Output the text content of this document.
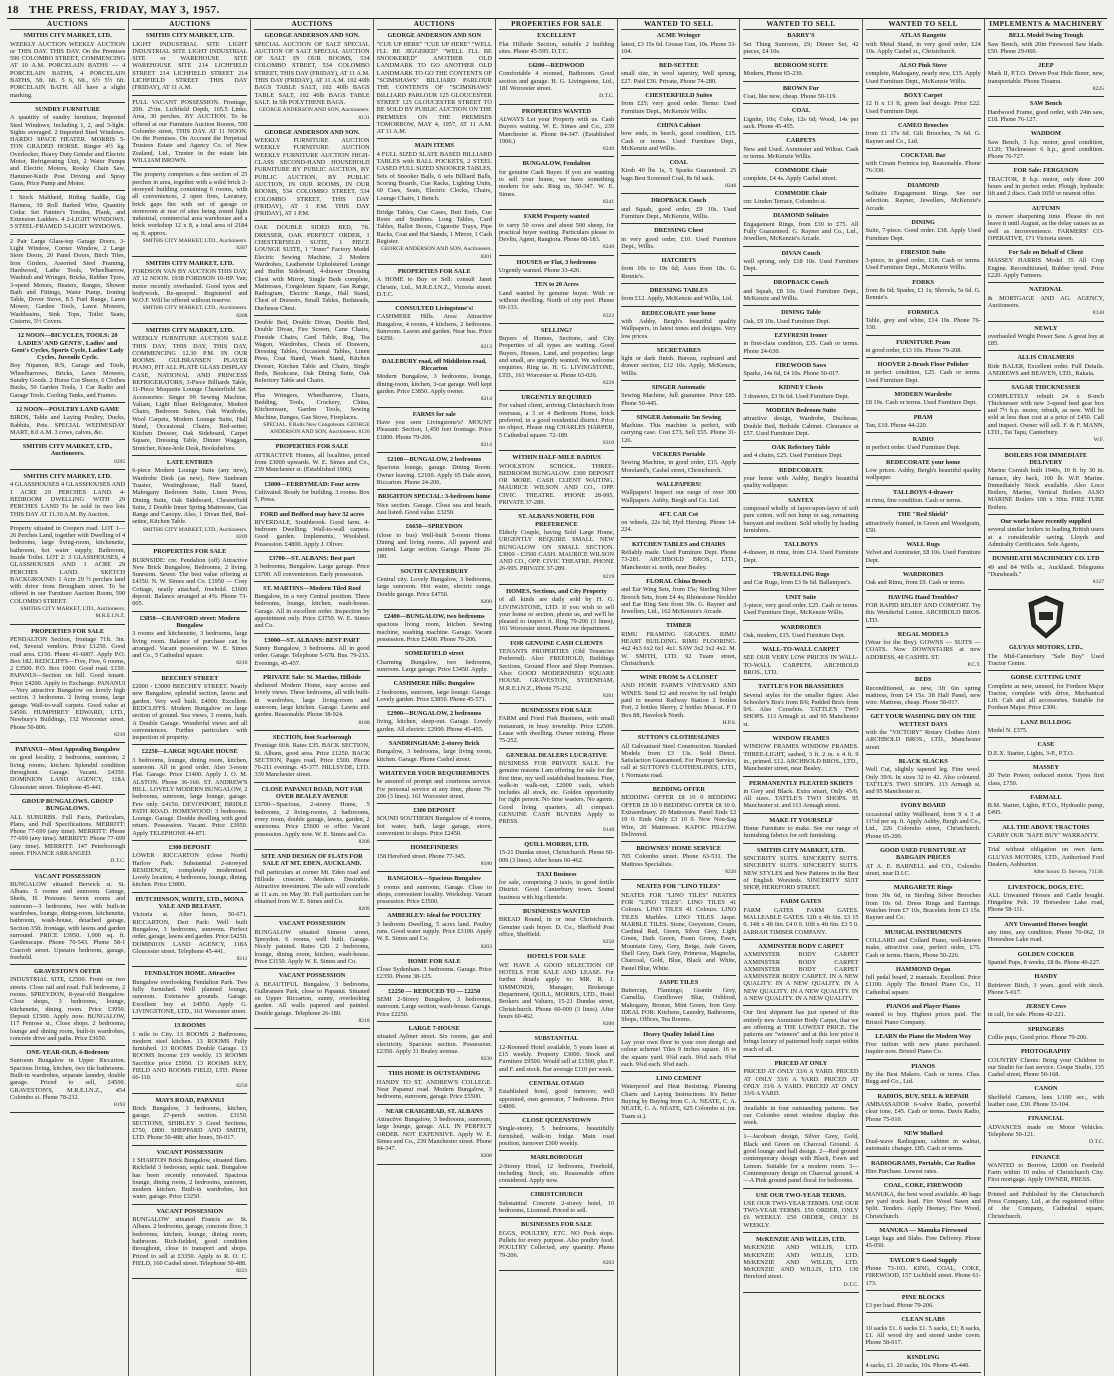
18 THE PRESS, FRIDAY, MAY 3, 1957.
AUCTIONS
SMITHS CITY MARKET, LTD.
WEEKLY AUCTION WEEKLY AUCTION or THIS DAY. THIS DAY. On the Premises 590 COLOMBO STREET, COMMENCING AT 10 A.M. PORCELAIN BATHS — 4 PORCELAIN BATHS, 4 PORCELAIN BATHS, 5ft. 6ft. 5 6, 6ft., 6½ 5½ 6ft. PORCELAIN BATH. All have a slight marking.
SUNDRY FURNITURE
A quantity of sundry furniture, Imported Steel Windows; Including 1, 2, and 3-light. Sights averaged. 2 Imported Steel Windows. HARDO SPACE HEATER. MORRIS 5-TON GRADED HORSE. Ringer 4½ kg. Overlocker, Heavy Duty Grinder and Electric Motor, Refrigerating Unit, 2 Water Pumps and Electric Motors, Rooky Chain Saw, Hammer-Knife Post Driving and Spray Guns, Price Pump and Motor.
1 Stock Maltheid, Riding Saddle, Gig Harness, 30 Roll Barbed Wire, Quantity Cedar. Set Painter's Trestles, Plank, and Extension Ladders. 4 2-LIGHT WINDOWS. 5 STEEL-FRAMED 3-LIGHT WINDOWS.
2 Pair Large Glass-top Garage Doors, 3-Light Window, Corner Window, 2 Large Store Doors, 20 Panel Doors, Birch Tiles, Iron Girders, Assorted Steel Framing, Hardwood, Lathe Tools, Wheelbarrow, Washtub and Wringer, Bricks, Rubber Tyres, 3-speed Motors, Heaters, Ranges, Shower Bath and Fittings, Water Pump, Ironing Table, Dover Stove, 8.5 Fuel Range, Lawn Mower, Garden Tools, Lawn Mowers, Washbasins, Sink Tops, Toilet Seats, Cisterns, 5½ Covers.
12 NOON—BICYCLES, TOOLS: 20 LADIES' AND GENTS', Ladies' and Gent's Cycles, Sports Cycle, Ladies' Lady Cycles, Juvenile Cycle.
Boy Nipanun, R/S, Garage and Tools, Wheelbarrows, Bricks, Lawn Mowers, Sundry Goods. 2 Horse Cot Sheets, 6 Clothes Bucks, 50 Garden Tools, 1 Car Radio and Garage Tools. Cooling Tanks, and Frames.
12 NOON—POULTRY LAND GAME
BIRDS, Table and Laying Poultry, Ducks, Rabbits, Pets. SPECIAL WEDNESDAY MART, 8.0 A.M. 3 cows, calves, &c.
SMITHS CITY MARKET, LTD., Auctioneers.
8205
SMITHS CITY MARKET, LTD.
4 GLASSHOUSES 4 GLASSHOUSES AND 1 ACRE 29 PERCHES LAND. 4-BEDROOM DWELLING WITH 29 PERCHES LAND To be sold in two lots THIS DAY AT 11.30 A.M. By Auction.
Property situated in Coopers road. LOT 1—26 Perches Land, together with Dwelling of 4 bedrooms, large living-room, kitchenette, bathroom, hot water supply, Bathroom, Inside Toilet. LOT 2: 3 GLASSHOUSES, 4 GLASSHOUSES AND 1 ACRE 29 PERCHES LAND. SKETCH BACKGROUND: 1 Acre 29 ½ perches land with drive from Brougham street. To be offered in our Furniture Auction Room, 590 COLOMBO STREET.
SMITHS CITY MARKET, LTD., Auctioneers. M.R.E.I.N.Z.
PROPERTIES FOR SALE
PENDALTON Section, frontage 71ft. 3in. rod, Several vendors. Price £1250. Good road area. £150. Phone 41-6007. Apply P.O. Box 182. REDCLIFFS—Five, Five, 6 rooms, 2 £3500. P.O. Box 1000. Good road. £150. PAPANUI—Section on hill. Good tenant. Price £4200. Apply to Exchange. PANANUI—Very attractive Bungalow on lovely high section. 3 bedrooms. 2 living rooms, large garage. Wall-to-wall carpets. Good value at £4500. HUMPHREY EDWARD, LTD., Newbury's Buildings, 132 Worcester street. Phone 50-806.
8210
PAPANUI—Most Appealing Bungalow
on good locality, 2 bedrooms, sunroom, 2 living rooms, kitchen. Splendid condition throughout. Garage. Vacant. £4350. DOMINION LAND AGENCY, 118A Gloucester street. Telephone 45-441.
GROUP BUNGALOWS. GROUP BUNGALOWS.
ALL SUBURBS. Full Facts, Particulars, Plans, and Full Specifications. MERRITT: Phone 77-699 (any time). MERRITT: Phone 77-699 (any time). MERRITT: Phone 77-699 (any time). MERRITT: 147 Peterborough street. FINANCE ARRANGED.
D.T.C.
VACANT POSSESSION
BUNGALOW situated Berwick st. St. Albans. 5 rooms and sunroom. Garage, Sheds, H. Pressure. Seven rooms and sunroom—3 bedrooms, two with built-in wardrobes, lounge, dining-room, kitchenette, bathroom, wash-house, detached garage, Section 35ft. frontage, with lawns and garden surround. PRICE £3950. 1,000 sq. ft. Gardenscape. Phone 70-543. Phone 58-1 Cracroft street. Upstairs bedroom, garage, freehold.
GRAVESTON'S OFFER
INDUSTRIAL SITE, £2500. Front on two streets. Close rail and road. Full bedrooms, 2 rooms. SPREYDON, 8-year-old Bungalow. Close shops, 3 bedrooms, lounge, kitchenette, dining room. Price £3950. Deposit £1500. Apply now. BUNGALOW, 117 Penrose st., Close shops. 2 bedrooms, lounge and dining room, built-in wardrobes, concrete drive and paths. Price £3650.
ONE-YEAR-OLD, 4-Bedroom
Sunroom Bungalow in Upper Riccarton. Spacious living, kitchen, two tile bathrooms. Built-in wardrobes, separate laundry, double garage. Priced to sell, £4500. GRAVESTON'S, M.R.E.I.N.Z., 454 Colombo st. Phone 78-232.
8193
AUCTIONS
SMITHS CITY MARKET, LTD.
LIGHT INDUSTRIAL SITE LIGHT INDUSTRIAL SITE LIGHT INDUSTRIAL SITE or WAREHOUSE SITE WAREHOUSE SITE 214 LICHFIELD STREET 214 LICHFIELD STREET 214 LICHFIELD STREET THIS DAY (FRIDAY), AT 11 A.M.
FULL VACANT POSSESSION. Frontage, 20ft. 2½in. Lichfield Depth, 165.5 Links. Area, 30 perches. BY AUCTION. To be offered at our Furniture Auction Rooms, 590 Colombo street, THIS DAY. AT 11 NOON. On the Premises. On Account the Perpetual Trustees Estate and Agency Co. of New Zealand, Ltd., Trustee in the estate late WILLIAM BROWN.
The property comprises a fine section of 25 perches in area, together with a solid brick 2-storeyed building containing 6 rooms, with all conveniences, 2 open fires, Lavatory, brick gaps fire with set of garage or storeroom at rear of sites being zoned light industrial, commercial area warehouse and a brick workshop 12 x 8, a total area of 2184 sq. ft. approx.
SMITHS CITY MARKET, LTD., Auctioneers. 8207
SMITHS CITY MARKET, LTD.
FORDSON VAN BY AUCTION THIS DAY, AT 12 NOON. 1938 FORDSON 10-HP. Van; motor recently overhauled. Good tyres and bodywork. Re-sprayed. Registered and W.O.F. Will be offered without reserve.
SMITHS CITY MARKET, LTD., Auctioneers. 8208
SMITHS CITY MARKET, LTD.
WEEKLY FURNITURE AUCTION SALE THIS DAY, THIS DAY, THIS DAY, COMMENCING 12.30 P.M. IN OUR ROOMS. GULBRANSEN PLAYER PIANO, PIT ALL PLATE GLASS DISPLAY CASE, NATIONAL AND PRINCESS REFRIGERATORS, 3-Piece Billiards Table, 11-Piece Moquette Lounge Chesterfield Set. Accessories: Singer 99 Sewing Machine, Valiant, Light Bluet Refrigerator, Modern Chairs, Bedroom Suites, Oak Wardrobe, Wool Carpets, Modern Lounge Suite, Hall Stand, Occasional Chairs, Bed-settee, Kitchen Dresser, Oak Sideboard, Carpet Square, Dressing Table, Dinner Waggon, Stretcher, Knee-hole Desk, Bookshelves.
LATE ENTRIES
6-piece Modern Lounge Suite (any new), Wardrobe Desk (as new), New Sunbeam Toaster, Westinghouse, Hall Stand, Mahogany Bedroom Suite, Linen Press, Dining Suite, Oak Sideboard, Chesterfield Suite, 2 Double Inner Spring Mattresses, Gas Range and Canopy. Also, 1 Divan Bed, Bed-settee, Kitchen Table.
SMITHS CITY MARKET, LTD., Auctioneers. 8209
PROPERTIES FOR SALE
BURNSIDE: cnr. Fendalton (off) Attractive New Brick Bungalow, Bedrooms, 2 living. Sunroom. Sewer. The best value offering at £4350. N. W. Simes and Co. £1950 — Cosy Cottage, neatly attached, freehold. £1600 deposit. Balance arranged at 4%. Phone 73-005.
£3850—CRANFORD street: Modern Bungalow
3 rooms and kitchenette, 3 bedrooms, large living room. Balance of purchase can be arranged. Vacant possession. W. E. Simes and Co., 5 Cathedral square.
8210
BEECHEY STREET
£2000 - £3000 BEECHEY STREET. Nearly new Bungalow, splendid section, lawns and garden. Very well built. £4000. Excellent. REDCLIFFS. Modern Bungalow on large section of ground. Sea views, 3 rooms, bath. A Double Garage. Wonderful views and all conveniences. Further particulars with inspection of property.
£2250—LARGE SQUARE HOUSE
3 bedrooms, lounge, dining room, kitchen, sunroom. All in good order. Also 3-room Flat. Garage. Price £1400. Apply J. O. M. ALSTON. Phone 36-160. ST. ANDREW'S HILL. LOVELY MODERN BUNGALOW, 2 bedrooms, sunroom, large lounge, garage. Few only. £4150. DEVONPORT, BRIDLE PATH ROAD. HOMEWOOD: 3 bedrooms. Lounge. Garage. Double dwelling with good return. Possession. Vacant. Price £3950. Apply TELEPHONE 44-871.
£300 DEPOSIT
LOWER RICCARTON (close North) Harlow Park. Substantial 2-storeyed RESIDENCE, completely modernised. Lovely location, 4 bedrooms, lounge, dining, kitchen. Price £3800.
HUTCHINSON, WHITE, LTD., MONA VALE AND BELFAST.
Victoria st. After hours, 50-671. RICCARTON, Deri Park: Well built Bungalow, 3 bedrooms, sunroom. Perfect order, garage, lawns and garden. Price £4250. DOMINION LAND AGENCY, 118A Gloucester street. Telephone 45-441.
8211
FENDALTON HOME. Attractive
Bungalow overlooking Fendalton Park. Two fully furnished. Well planned lounge, sunroom. Extensive grounds. Garage. Excellent buy at £4950. Apply G. LIVINGSTONE, LTD., 161 Worcester street.
13 ROOMS
1 mile to City. 13 ROOMS 2 Bathrooms, modern steel kitchen. 13 ROOMS Fully furnished. 13 ROOMS Double Garage. 13 ROOMS Income £19 weekly. 13 ROOMS Sacrifice price £5950. 13 ROOMS KEY, FIELD AND ROOMS FIELD, LTD. Phone 66-110.
8250
MAYS ROAD, PAPANUI
Brick Bungalow, 3 bedrooms, kitchen, garage, 27-perch section. £3150. SECTIONS, SHIRLEY 3 Good Sections, £750, £800. SHEPPARD AND SMITH, LTD. Phone 50-488; after hours, 56-017.
VACANT POSSESSION
1 SHARTON Brick Bungalow, situated Ilam. Rickfield 3 bedroom, septic tank. Bungalow has been recently renovated. Spacious lounge, dining room, 2 bedrooms, sunroom, modern kitchen. Built-in wardrobes, hot water, garage. Price £3250.
VACANT POSSESSION
BUNGALOW situated Francis av. St. Albans. 2 bedrooms, garage, concrete floor, 3 bedrooms, kitchen, lounge, dining room, bathroom. Rich-fielded, good condition throughout, close to transport and shops. Priced to sell at £3350. Apply to R. O. C. FIELD, 160 Cashel street. Telephone 50-488.
8221
AUCTIONS
GEORGE ANDERSON AND SON.
SPECIAL AUCTION OF SALT SPECIAL AUCTION OF SALT SPECIAL AUCTION OF SALT IN OUR ROOMS, 534 COLOMBO STREET, 534 COLOMBO STREET, THIS DAY (FRIDAY), AT 11 A.M. THIS DAY (FRIDAY), AT 11 A.M. 102 40lb BAGS TABLE SALT, 102 40lb BAGS TABLE SALT, 102 40lb BAGS TABLE SALT. In 5lb POLYTHENE BAGS.
GEORGE ANDERSON AND SON, Auctioneers. 8131
GEORGE ANDERSON AND SON.
WEEKLY FURNITURE AUCTION WEEKLY FURNITURE AUCTION WEEKLY FURNITURE AUCTION HIGH-CLASS SECOND-HAND HOUSEHOLD FURNITURE BY PUBLIC AUCTION, BY PUBLIC AUCTION, BY PUBLIC AUCTION, IN OUR ROOMS, IN OUR ROOMS, 534 COLOMBO STREET, 534 COLOMBO STREET, THIS DAY (FRIDAY), AT 1 P.M. THIS DAY (FRIDAY), AT 1 P.M.
OAK DOUBLE SIDED BED, 7ft. DRESSER, OAK PERFECT ORDER, 1 CHESTERFIELD SUITE, 1 PIECE LOUNGE SUITE, 1 "Joner" Factory Model Electric Sewing Machine, 2 Modern Wardrobes, Leatherette Upholstered Lounge and Buffet Sideboard, 4-drawer Dressing Chest with Mirror, Single Beds complete, Mattresses, Congoleum Square, Gas Range, Radiogram, Electric Range, Hall Stand, Chest of Drawers, Small Tables, Bedsteads, Duchesse Chest.
Double Bed, Double Divan, Double Bed, Double Divan, Fire Screen, Cane Chairs, Fireside Chairs, Card Table, Rug, Tea Wagon, Wardrobes, Chests of Drawers, Dressing Tables, Occasional Tables, Linen Press, Coat Stand, Wash Stand, Kitchen Dresser, Kitchen Table and Chairs, Single Beds, Bookcase, Oak Dining Suite, Oak Refectory Table and Chairs.
Plus Wringers, Wheelbarrow, Chairs, Bedding, Tools, Crockery, China, Kitchenware, Garden Tools, Sewing Machine, Ranges, Gas Stove, Fireplaces.
SPECIAL. 8 Rolls New Congoleum. GEORGE ANDERSON AND SON, Auctioneers. 8126
PROPERTIES FOR SALE
ATTRACTIVE Homes, all localities, priced from £3000 upwards. W. E. Simes and Co., 239 Manchester st. (Established 1906).
£3800—FERRYMEAD: Four acres
Cultivated. Ready for building. 3 rooms. Box 5, Press.
FORD and Bedford may have 32 acres
RIVERDALE, Southbrook. Good farm. 4-bedroom Dwelling. Wall-to-wall carpets. Good garden. Implements, Woolshed. Possession. £4800. Apply J. Oliver.
£3700—ST. ALBANS: Best part
3 bedrooms, Bungalow. Large garage. Price £3700. All conveniences. Early possession.
ST. MARTINS—Modern Tiled Roof
Bungalow, in a very Central position. Three bedrooms, lounge, kitchen, wash-house. Garage. All in excellent order. Inspection by appointment only. Price £3750. W. E. Simes and Co.
£3000—ST. ALBANS: BEST PART
Sunny Bungalow, 3 bedrooms. All in good order. Garage. Telephone 5-678. Bus. 79-215. Evenings, 45-457.
PRIVATE Sale: St. Martins, Hillside
sheltered Modern Home, easy access and lovely views. Three bedrooms, all with built-in wardrobes, large living-room and sunroom, large kitchen. Garage. Lawns and garden. Reasonable. Phone 38-924.
8188
SECTION, foot Scarborough
Frontage 66ft. Rates £35. BACK SECTION, St. Albans, good area. Price £1250. BACK SECTION, Pages road. Price £500. Phone 76-211 evenings. 45-377. HILLSYDE, LTD. 339 Manchester street.
CLOSE PAPANUI ROAD, NOT FAR OVER BEALEY AVENUE
£3700—Spacious, 2-storey Home, 5 bedrooms, 2 living-rooms, 2 bathrooms, every room, double garage, lawns, garden, 2 sunrooms. Price £5600 or offer. Vacant possession. Apply now. W. E. Simes and Co.
8208
SITE AND DESIGN OF FLATS FOR SALE AT MT. EDEN, AUCKLAND.
Full particulars at corner Mt. Eden road and Hillside crescent. Modern. Desirable. Attractive investment. The sale will conclude at 11 a.m. on May 30. Full particulars can be obtained from W. E. Simes and Co.
8209
VACANT POSSESSION
BUNGALOW situated Simeon street, Spreydon. 6 rooms, well built. Garage. Nicely painted. Rates £20. 2 bedrooms, lounge, dining room, kitchen, wash-house. Price £3150. Apply W. E. Simes and Co.
VACANT POSSESSION
A BEAUTIFUL Bungalow, 3 bedrooms, Gulbransen Park, close to Papanui. Situated on Upper Riccarton, sunny, overlooking garden. All walls papered and painted. Double garage. Telephone 26-180.
8218
AUCTIONS
GEORGE ANDERSON AND SON
"CUE UP HERE" "CUE UP HERE" "WELL I'LL BE JIGGERED" "WELL I'LL BE SNOOKERED" ANOTHER OLD LANDMARK TO GO ANOTHER OLD LANDMARK TO GO THE CONTENTS OF "SCIMSHAWS" BILLIARD PARLOUR THE CONTENTS OF "SCIMSHAWS" BILLIARD PARLOUR 125 GLOUCESTER STREET 125 GLOUCESTER STREET TO BE SOLD BY PUBLIC AUCTION ON THE PREMISES ON THE PREMISES TOMORROW, MAY 4, 1957, AT 11 A.M. AT 11 A.M.
MAIN ITEMS
4 FULL SIZED SLATE BASED BILLIARD TABLES with BALL POCKETS, 2 STEEL CASED FULL SIZED SNOOKER TABLES, Sets of Snooker Balls, 6 sets Billiard Balls, Scoring Boards, Cue Racks, Lighting Units, 60 Cues, Seats, Electric Clocks, Chairs, Lounge Chairs, 1 Bench.
Bridge Tables, Cue Cases, Butt Ends, Cue Rests and Sundries. Long Tables, Card Tables, Ballot Boxes, Cigarette Trays, Pipe Racks, Coat and Hat Stands, 1 Mirror, 1 Cash Register.
GEORGE ANDERSON AND SON, Auctioneers. 8201
PROPERTIES FOR SALE
A HOME to Buy or Sell: consult Janet Christie, Ltd., M.R.E.I.N.Z., Victoria street. D.T.C.
CONSULTED Livingstone's!
CASHMERE Hills. Area: Attractive Bungalow, 4 rooms, 4 kitchens, 2 bedrooms. Sunroom. Lawns and garden. Near bus. Price £4250.
8213
DALEBURY road, off Middleton road, Riccarton
Modern Bungalow, 3 bedrooms, lounge, dining-room, kitchen, 3-car garage. Well kept garden. Price £3850. Apply owner.
8214
FARMS for sale
Have you seen Livingstone's? MOUNT Pleasant: Section, 1,450 feet frontage. Price £1800. Phone 79-206.
8214
£2100—BUNGALOW, 2 bedrooms
Spacious lounge, garage. Dining Room. Owner leaving. £2100. Apply 65 Dale street, Riccarton. Phone 24-206.
BRIGHTON SPECIAL: 3-bedroom home
Nice section. Garage. Close sea and beach. Just listed. Good value. £3250.
£6650—SPREYDON
(close to bus) Well-built 5-room Home. Dining and living rooms. All papered and painted. Large section. Garage. Phone 26-180.
SOUTH CANTERBURY
Central city. Lovely Bungalow, 3 bedrooms, large sunroom. Hot water, electric range. Double garage. Price £4750.
8200
£2400—BUNGALOW, two bedrooms
spacious living room, kitchen. Sewing machine, washing machine. Garage. Vacant possession. Price £2400. Phone 79-206.
SOMERFIELD street
Charming Bungalow, two bedrooms, sunroom. Large garage. Price £3450. Apply.
CASHMERE Hills: Bungalow
2 bedrooms, sunroom, large lounge. Garage. Lovely garden. Price £3850. Phone 45-571.
£2900—BUNGALOW, 2 bedrooms
living, kitchen, sleep-out. Garage. Lovely garden. All electric. £2900. Phone 45-455.
SANDRINGHAM: 2-storey Brick
Bungalow, 3 bedrooms, large living room, kitchen. Garage. Phone Cashel street.
WHATEVER YOUR REQUIREMENTS
be assured of prompt and courteous service. For personal service at any time, phone 79-206 (3 lines). 161 Worcester street.
£300 DEPOSIT
SOUND SOUTHERN Bungalow of 4 rooms, hot water, bath, large garage, stove, convenient to shops. Price £2450.
HOMEFINDERS
158 Hereford street. Phone 77-345.
8180
RANGIORA—Spacious Bungalow
3 rooms and sunroom. Garage. Close to shops, convenient locality. Workshop. Vacant possession. Price £3500.
AMBERLEY: Ideal for POULTRY
3 bedroom Dwelling, 5 acres land. Poultry runs. Good water supply. Price £3100. Apply W. E. Simes and Co.
8203
HOME FOR SALE
Close Sydenham. 3 bedrooms. Garage. Price £2350. Phone 38-125.
£2250 — REDUCED TO — £2250
SEMI 2-Storey Bungalow, 3 bedrooms, sunroom. Large section, wash-house. Garage. Price £2250.
LARGE 7-HOUSE
situated Aylmer street. Six rooms, gas and electricity. Spacious section. Possession. £2350. Apply 31 Bealey avenue.
8230
THIS HOME IS OUTSTANDING
HANDY TO ST. ANDREW'S COLLEGE. Near Papanui road. Modern Bungalow, 3 bedrooms, sunroom, garage. Price £5500.
NEAR CRAIGHEAD, ST. ALBANS
Attractive Bungalow, 3 bedrooms, sunroom, large lounge, garage. ALL IN PERFECT ORDER. NOT EXPENSIVE. Apply W. E. Simes and Co., 239 Manchester street. Phone 84-347.
8208
PROPERTIES FOR SALE
EXCELLENT
Flat Hillside Section, suitable 2 building sites. Phone 45-595. D.T.C.
£4200—REDWOOD
Comfortable 4 roomed, Bathroom. Good section and garage. H. G. Livingstone, Ltd., 181 Worcester street.
D.T.C.
PROPERTIES WANTED
ALWAYS Let your Property with us. Cash Buyers waiting. W. E. Simes and Co., 239 Manchester st. Phone 84-347. (Established 1906.)
8240
BUNGALOW, Fendalton
for genuine Cash Buyer. If you are wanting to sell your home, we have something modern for sale. Ring us, 50-347. W. E. Simes.
8241
FARM Property wanted
to carry 50 cows and about 500 sheep, for practical buyer waiting. Particulars please to Devlin, Agent, Rangiora. Phone 68-183.
8240
HOUSES or Flat, 3 bedrooms
Urgently wanted. Phone 33-426.
TEN to 20 Acres
Land wanted by genuine buyer. With or without dwelling. North of city pref. Phone 69-133.
8322
SELLING?
Buyers of Homes, Sections, and City Properties of all types are waiting. Good Buyers, Houses, Land, and properties; large and small, are urgently wanted. We welcome enquiries. Ring us. H. G. LIVINGSTONE, LTD., 161 Worcester st. Phone 63-026.
8226
URGENTLY REQUIRED
For valued client, arriving Christchurch from overseas, a 3 or 4 Bedroom Home, brick preferred, in a good residential district. Price no object. Please ring CHARLES HARPER, 5 Cathedral square. 72-189.
8310
WITHIN HALF-MILE RADIUS
WOOLSTON SCHOOL. THREE-BEDROOM BUNGALOW. £300 DEPOSIT OR MORE. CASH CLIENT WAITING. MAURICE WILSON AND CO., OPP. CIVIC THEATRE. PHONE 28-995. PRIVATE 37-289.
ST. ALBANS NORTH, FOR PREFERENCE
Elderly Couple, having Sold Large Home, URGENTLY REQUIRE SMALL NEW BUNGALOW ON SMALL SECTION. £3000 - £3500 CASH. MAURICE WILSON AND CO., OPP. CIVIC THEATRE. PHONE 26-995. PRIVATE 37-289.
8219
HOMES, Sections, and City Property
of all kinds are daily sold by H. G. LIVINGSTONE, LTD. If you wish to sell your home or section, phone us, and we'll be pleased to inspect it. Ring 79-206 (3 lines), 161 Worcester street. Phone our department.
FOR GENUINE CASH CLIENTS
TENANTS PROPERTIES (Old Tenancies Preferred). Also: FREEHOLD, Buildings Sections, Ground Floor and Shop Premises. Also: GOOD MODERNISED SQUARE HOUSE. GRAVESTON, SYDENHAM, M.R.E.I.N.Z., Phone 75-232.
8201
BUSINESSES FOR SALE
FARM and Fried Fish Business, with small restaurant, in busy township. Price £2500. Lease with dwelling. Owner retiring. Phone 75-252.
GENERAL DEALERS LUCRATIVE
BUSINESS FOR PRIVATE SALE. For genuine reasons I am offering for sale for the first time, my well established business. Fine, walk-in walk-out, £2000 cash, which includes all stock, etc. Golden opportunity for right person. No time wasters. No agents. Good living quarters, all compact. GENUINE CASH BUYERS Apply to PRESS.
9148
QUILL MORRIS, LTD.
15-21 Dundas street, Christchurch. Phone 60-009 (3 lines). After hours 60-462.
TAXI Business
for sale, comprising 3 taxis, in good fertile District. Good Canterbury town. Sound business with big clientele.
BUSINESSES WANTED
BREAD Round, in or near Christchurch. Genuine cash buyer. D. Co., Sheffield Post office, Sheffield.
8250
HOTELS FOR SALE
WE HAVE A GOOD SELECTION OF HOTELS FOR SALE AND LEASE. For further details apply to: MR. R. J. SIMMONDS, Manager, Brokerage Department, QUILL, MORRIS, LTD., Hotel Brokers and Valuers, 15-21 Dundas street, Christchurch. Phone 60-009 (3 lines). After hours 60-462.
8206
SUBSTANTIAL
12-Roomed Hotel available, 5 years lease at £15 weekly. Property £3000. Stock and Furniture £9500. Would sell at £1500, plus F. and F. and stock. Bar average £110 per week.
CENTRAL OTAGO
Established hotel, good turnover, well appointed, own generator, 7 bedrooms. Price £4800.
CLOSE QUEENSTOWN
Single-storey, 5 bedrooms, beautifully furnished, walk-in fridge. Main road position, turnover £300 weekly.
MARLBOROUGH
2-Storey Hotel, 12 bedrooms, Freehold, including Stock, etc. Reasonable offers considered. Apply now.
CHRISTCHURCH
Substantial Concrete 2-storey hotel, 10 bedrooms, Licensed. Priced to sell.
BUSINESSES FOR SALE
EGGS, POULTRY, ETC. NO Peck stops. Pullets for every purpose. Also poultry food. POULTRY Collected, any quantity. Phone 79-206.
8203
WANTED TO SELL
ACME Wringer
latest, £3 15s 6d. Grease Gun, 10s. Phone 33-104.
BED-SETTEE
small size, in wool tapestry, Well sprung, £27. Paid £36. Private, Phone 74-280.
CHESTERFIELD Suites
from £25; very good order. Terms: Used Furniture Dept., McKenzie Willis.
CHINA Cabinet
bow ends, in beech, good condition, £15. Cash or terms. Used Furniture Dept., McKenzie and Willis.
COAL
Kirsh 40 lbs 1s, 5 Sparks Guaranteed. 25 bags Best Screened Coal, 8s 6d sack.
8246
DROPBACK Couch
and Squab, good order, £9 10s. Used Furniture Dept., McKenzie, Willis.
DRESSING Chest
in very good order, £10. Used Furniture Dept., Willis.
HATCHETS
from 10s to 19s 6d; Axes from 18s. G. Rennie's.
DRESSING TABLES
from £12. Apply, McKenzie and Willis, Ltd.
REDECORATE your home
with Ashby, Bergh's beautiful quality Wallpapers, in latest tones and designs. Very low prices.
SECRETAIRES
light or dark finish. Bureau, cupboard and drawer section, £12 10s. Apply, McKenzie, Willis.
SINGER Automatic
Sewing Machine, full guarantee. Price £85. Phone 50-445.
SINGER Automatic 5m Sewing
Machine. This machine is perfect, with carrying case. Cost £73, Sell £55. Phone 31-126.
VICKERS Portable
Sewing Machine, in good order, £15. Apply Moreland's, Cashel street, Christchurch.
WALLPAPERS!
Wallpapers! Inspect our range of over 300 Wallpapers. Ashby, Bergh and Co. Ltd.
4FT. CAR Cot
on wheels, 22s 6d; Hyd Hersing. Phone 14-224.
KITCHEN TABLES and CHAIRS
Reliably made. Used Furniture Dept. Phone 73-281. ARCHBOLD BROS., LTD., Manchester st. north, near Bealey.
FLORAL China Brooch
and Ear Wing Sets, from 15s; Sterling Silver Brooch Sets, from £4 4s; Rhinestone Necklet and Ear Ring Sets from 39s. G. Rayner and Jewellers, Ltd., 162 McKenzie's Arcade.
TIMBER
RIMU FRAMING GRADES. RIMU HEART BUILDING. RIMU FLOORING. 4x2 4x3 6x2 6x1 4x1. SAW 3x2 3x2 4x2. M. W. SMITH, LTD. 92 Tuam street, Christchurch.
WINE FROM 5s A CLOSET
AND HOME FARM'S VINEYARD AND WINES. Send £2 and receive by rail freight paid to nearest Railway Station 2 bottles Port, 2 bottles Sherry, 2 bottles Muscat. P O Box 88, Havelock North.
H.P.S.
SUTTON'S CLOTHESLINES
All Galvanised Steel Construction. Standard Models from £3 13s. Sold Direct. Satisfaction Guaranteed. For Prompt Service, call at SUTTON'S CLOTHESLINES, LTD., 1 Normans road.
BEDDING OFFER
BEDDING OFFER £8 10 0 BEDDING OFFER £8 10 0 BEDDING OFFER £8 10 0. Extraordinary. 20 Mattresses. Panel Ends £2 10 0. Ends Only £3 10 0. New Non-Sag Wire, 20 Mattresses. KAPOC PILLOW. Delivered.
BROWNES' HOME SERVICE
705 Colombo street. Phone 63-531. The Mattress Specialists.
8226
NEATES FOR "LINO TILES"
NEATES FOR "LINO TILES" NEATES FOR "LINO TILES". LINO TILES 41 Colours. LINO TILES 41 Colours. LINO TILES Marbles. LINO TILES Jaspe. MARBLE TILES. Stone, Greystone, Cream, Cardinal Red, Green, Silver Grey, Light Green, Dark Green, Foam Green, Fawn, Mountain Grey, Grey, Beige, Jade Green, Shell Grey, Dark Grey, Primrose, Magnolia, Charcoal, Gold, Blue, Black and White, Pastel Blue, White.
JASPE TILES
Buttercup, Flamingo, Granite Grey, Camellia, Cornflower Blue, Oxblood, Mahogany, Bronze, Mint Green, Iron Grey. IDEAL FOR: Kitchens, Laundry, Bathrooms, Shops, Offices, Tea Rooms.
Heavy Quality Inlaid Lino
Lay your own floor to your own design and colour scheme! Tiles 9 inches square. 16 to the square yard. 9¾d each. 9¾d each. 9¾d each. 9¾d each. 9¾d each.
LINO CEMENT
Waterproof and Heat Resisting. Planning Charts and Laying Instructions. It's Better Buying by Buying from C. A. NEATE, C. A. NEATE, C. A. NEATE, 625 Colombo st. (nr. Tuam st.).
WANTED TO SELL
BARRY'S
Set Thing Sunroom, £9; Dinner Set, 42 pieces, £4 10s.
BEDROOM SUITE
Modern, Phone 65-230.
BROWN Fur
Coat, like new, cheap. Phone 50-119.
COAL
Lignite, 10s; Coke, 12s 6d; Wood, 14s per sack. Phone 45-455.
CARPETS
New and Used. Axminster and Wilton. Cash or terms. McKenzie Willis.
COMMODE Chair
complete, £4 4s. Apply Cashel street.
COMMODE Chair
cnr. Linden Terrace, Colombo st.
DIAMOND Solitaire
Engagement Rings, from £30 to £75. All Fully Guaranteed. G. Rayner and Co., Ltd., Jewellers, McKenzie's Arcade.
DIVAN Couch
well sprung, only £18 10s. Used Furniture Dept.
DROPBACK Couch
and Squab, £8 10s. Used Furniture Dept., McKenzie and Willis.
DINING Table
Oak, £9 10s. Used Furniture Dept.
EZYFRESH Ironer
in first-class condition, £35. Cash or terms. Phone 24-630.
FIREWOOD Saws
Sparks, 14s 6d, £4 10s. Phone 50-017.
KIDNEY Chests
3 drawers, £3 9s 6d. Used Furniture Dept.
MODERN Bedroom Suite
attractive design, Wardrobe, Duchesse, Double Bed, Bedside Cabinet. Clearance at £57. Used Furniture Dept.
OAK Refectory Table
and 4 chairs, £25. Used Furniture Dept.
REDECORATE
your home with Ashby, Bergh's beautiful quality wallpaper.
SANTEX
composed wholly of layer-upon-layer of soft pure cotton, will not lump or sag, remaining buoyant and resilient. Sold wholly by leading furnishers.
TALLBOYS
4-drawer, in rimu, from £14. Used Furniture Dept.
TRAVELLING Rugs
and Car Rugs, from £3 9s 6d. Ballantyne's.
UNIT Suite
3-piece, very good order. £25. Cash or terms. Used Furniture Dept., McKenzie Willis.
WARDROBES
Oak, modern, £15. Used Furniture Dept.
WALL-TO-WALL CARPET
SEE OUR VERY LOW PRICES IN WALL-TO-WALL CARPETS. ARCHBOLD BROS., LTD.
TATTLE'S FOR BRASSIERES
Several styles for the smaller figure. Also Schooler's Bra's from 8/6; Padded Bra's from 9/6. Also Corselets. TATTLE'S TWO SHOPS. 113 Armagh st. and 95 Manchester st.
WINDOW FRAMES
WINDOW FRAMES WINDOW FRAMES. THREE-LIGHT, sashed, 3 ft. 2 in. x 4 ft. 9 in., primed. £12. ARCHBOLD BROS., LTD., Manchester street, near Bealey.
PERMANENTLY PLEATED SKIRTS
in Grey and Black. Extra smart, Only 45/6. All sizes. TATTLE'S TWO SHOPS. 95 Manchester st. and 113 Armagh street.
MAKE IT YOURSELF
Home Furniture to make. See our range of furnishing fabrics for soft furnishing.
SMITHS CITY MARKET, LTD.
SINCERITY SUITS. SINCERITY SUITS. SINCERITY SUITS. SINCERITY SUITS. NEW STYLES and New Patterns in the Best of English Worsteds. SINCERITY SUIT SHOP, HEREFORD STREET.
FARM GATES
FARM GATES FARM GATES. MALLEABLE GATES. 12ft x 4ft 6in. £3 15 0. 14ft x 4ft 6in. £4 0 0. 10ft x 4ft 6in. £3 5 0. JARRAH TIMBER COMPANY.
AXMINSTER BODY CARPET
AXMINSTER BODY CARPET AXMINSTER BODY CARPET AXMINSTER BODY CARPET AXMINSTER BODY CARPET. IN A NEW QUALITY. IN A NEW QUALITY. IN A NEW QUALITY. IN A NEW QUALITY. IN A NEW QUALITY. IN A NEW QUALITY.
Our first shipment has just opened of this entirely new Axminster Body Carpet, that we are offering at THE LOWEST PRICE. The patterns are "winners" and at this low price it brings luxury of patterned body carpet within reach of all.
PRICED AT ONLY
PRICED AT ONLY 33/6 A YARD. PRICED AT ONLY 33/6 A YARD. PRICED AT ONLY 33/6 A YARD. PRICED AT ONLY 33/6 A YARD.
Available in four outstanding patterns. See our Colombo street window display this week.
1—Jacobean design, Silver Grey, Gold, Black and Green on Charcoal Ground. A good lounge and hall design. 2—Red ground contemporary design with Black, Fawn and Lemon. Suitable for a modern room. 3—Contemporary design on Charcoal ground. 4—A Pink ground panel floral for bedrooms.
USE OUR TWO-YEAR TERMS.
USE OUR TWO-YEAR TERMS. USE OUR TWO-YEAR TERMS. £50 ORDER, ONLY £6 WEEKLY. £50 ORDER, ONLY £6 WEEKLY.
McKENZIE AND WILLIS, LTD.
McKENZIE AND WILLIS, LTD. McKENZIE AND WILLIS, LTD. McKENZIE AND WILLIS, LTD. McKENZIE AND WILLIS, LTD. 130 Hereford street.
D.T.C.
WANTED TO SELL
ATLAS Rangette
with Metal Stand, in very good order, £24 10s. Apply Cashel st., Christchurch.
ALSO Pink Stove
complete, Mahogany, nearly new, £15. Apply Used Furniture Dept., McKenzie Willis.
BOXY Carpet
12 ft x 13 ft, green leaf design. Price £22. Used Furniture Dept.
CAMEO Brooches
from £1 17s 6d. Gilt Brooches, 7s 6d. G. Rayner and Co., Ltd.
COCKTAIL Bar
with Cream Formica top, Reasonable. Phone 76-330.
DIAMOND
Solitaire Engagement Rings. See our selection. Rayner, Jewellers, McKenzie's Arcade.
DINING
Suite, 7-piece. Good order. £38. Apply Used Furniture Dept.
FIRESIDE Suite
3-piece, in good order, £18. Cash or terms. Used Furniture Dept., McKenzie Willis.
FORKS
from 8s 6d; Spades, £1 1s; Shovels, 5s 6d. G. Rennie's.
FORMICA
Table, grey and white, £14 10s. Phone 76-330.
FURNITURE Pram
in good order, £13 10s. Phone 79-208.
HOOVER 2-Brush Floor Polisher
in perfect condition, £25. Cash or terms. Used Furniture Dept.
MODERN Wardrobe
£8 19s. Cash or terms. Used Furniture Dept.
PRAM
Tan, £10. Phone 44-220.
RADIO
in perfect order. Used Furniture Dept.
REDECORATE your home
Low prices. Ashby, Bergh's beautiful quality wallpaper.
TALLBOYS 4-drawer
in rimu, fine condition. Cash or terms.
THE "Red Shield"
attractively framed, in Green and Woodgrain, £50.
WALL Rugs
Velvet and Axminster, £8 10s. Used Furniture Dept.
WARDROBES
Oak and Rimu, from £9. Cash or terms.
HAVING Hand Troubles?
FOR RAPID RELIEF AND COMFORT. Try this Wonderful Lotion. ARCHBOLD BROS. LTD.
REGAL MODELS
(Wear for the Boy). GOWNS — SUITS — COATS. Now DOWNSTAIRS at new ADDRESS, 48 CASHEL ST.
P.C.T.
BEDS
Reconditioned, as new, 3ft 6in spring mattress, from £4 15s. 3ft Half Panel, new wire. Mattress, cheap. Phone 58-017.
GET YOUR WASHING DRY ON THE WETTEST DAYS
with the "VICTORY" Rotary Clothes Airer. ARCHBOLD BROS., LTD., Manchester street.
BLACK SLACKS
Well Cut, slightly tapered leg. Fine wool. Only 39/6. In sizes 32 to 42. Also coloured. TATTLE'S TWO SHOPS. 113 Armagh st. and 95 Manchester st.
IVORY BOARD
occasional utility Wallboard, from 9 x 3 at 11½d per sq. ft. Apply Ashby, Bergh and Co., Ltd., 226 Colombo street, Christchurch. Phone 65-200.
GOOD USED FURNITURE AT BARGAIN PRICES
AT A. E. BARNELL and CO., Colombo street, near D.I.C.
MARGARETE Rings
from 30s 6d, in Sterling Silver Brooches from 10s 6d. Dress Rings and Earrings. Watches from £7 10s, Bracelets from £1 15s. Rayner and Co.
MUSICAL INSTRUMENTS
COLLARD and Collard Piano, well-known make, attractive case, perfect order, £75. Cash or terms. Harris, Phone 50-226.
HAMMOND Organ
full pedal board, 2 manuals. Excellent. Price £1100. Apply The Bristol Piano Co., 11 Cathedral square.
PIANOS and Player Pianos
wanted to buy. Highest prices paid. The Bristol Piano Company.
LEARN the Piano the Modern Way
Free tuition with new piano purchased. Inquire now. Bristol Piano Co.
PIANOS
By the Best Makers. Cash or terms. Chas. Begg and Co., Ltd.
RADIOS, BUY, SELL & REPAIR
AMBASSADOR 6-valve Radio, powerful clear tone, £45. Cash or terms. Davis Radio, Phone 75-010.
NEW Mullard
Dual-wave Radiogram, cabinet in walnut, automatic changer. £85. Cash or terms.
RADIOGRAMS, Portable, Car Radios
Hire Purchase. Lowest rates.
COAL, COKE, FIREWOOD
MANUKA, the best wood available. 40 bags per yard truck load. Fire Wood Sawn and Split. Tenders. Apply Heeney, Fire Wood, Christchurch.
MANUKA — Manuka Firewood
Large bags and Slabs. Free Delivery. Phone 45-050.
TAYLOR'S Good Supply
Phone 73-103. KING, COAL, COKE, FIREWOOD, 157 Lichfield street. Phone 61-173.
PINE BLOCKS
£3 per load. Phone 79-206.
CLEAN SLABS
10 sacks £1. 6 sacks £1. 5 sacks, £1; 8 sacks, £1. All wood dry and stored under cover. Phone 58-017.
KINDLING
4 sacks, £1. 20 sacks, 10s. Phone 45-440.
IMPLEMENTS & MACHINERY
BELL Model Swing Trough
Saw Bench, with 20in Firewood Saw blade. £50. Phone 29-060.
JEEP
Mark II, P.T.O. Driven Post Hole Borer, new, transportable. Phone Tioamu.
8225
SAW Bench
Hardwood Frame, good order, with 24in saw, £18. Phone 76-127.
WADDOM
Saw Bench, 3 h.p. motor, good condition, £120; Thicknesser 6 h.p., good condition. Phone 76-727.
FOR Sale: FERGUSON
TRACTOR, 8 h.p. motor, only done 200 hours and in perfect order. Plough, hydraulic lift and 2 discs. Cash £650 or nearest offer.
AUTUMN
is mower sharpening time. Please do not leave it until August, as the delay causes us as well as inconvenience. FARMERS' CO-OPERATIVE, 171 Victoria street.
For Sale on Behalf of Client
MASSEY HARRIS Model 35 All Crop Engine. Reconditioned, Rubber tyred. Price £220. Apply Farmers.
NATIONAL
& MORTGAGE AND AG. AGENCY, Auctioneers.
8138
NEWLY
overhauled Wright Power Saw. A great buy at £85.
ALLIS CHALMERS
Ride BALER, Excellent order. Full Details. ANDREWS and BEAVEN, LTD., Rakaia.
SAGAR THICKNESSER
COMPLETELY rebuilt 24 x 8-inch Thicknesser with new 3-speed feed gear box and 7½ h.p. motor, rebuilt, as new. Will be sold at less than cost at a price of £450. Call and inspect. Owner will sell. F. & F. MANN, LTD., Tai Tapu, Canterbury.
W.F.
BOILERS FOR IMMEDIATE DELIVERY
Marine Cornish built 1940s, 10 ft. by 30 in. furnace, dry back, 100 lb. W.P. Marine. Immediately Stock available. Also Loco Boilers, Marine, Vertical Boilers. ALSO MARINE Boilers 10ft x 30in. FIRE TUBE Boilers.
Our works have recently supplied
several similar boilers to leading British users at a considerable saving. Lloyds and Admiralty Certificates. Sole Agents,
DUNSHEATH MACHINERY CO. LTD
49 and 84 Wills st., Auckland. Telegrams "Dunsheath."
8127
GLUYAS MOTORS, LTD.,
The Mid-Canterbury "Safe Buy" Used Tractor Centre.
GORSE CUTTING UNIT
Complete as new, unused, for Fordson Major Tractor, complete with drive, Mechanical Lift. Cab and all accessories. Suitable for Fordson Major. Price £300.
LANZ BULLDOG
Model N. £375.
CASE
D.E.X. Starter, Lights, 3-P., P.T.O.
MASSEY
20 Twin Power, reduced motor. Tyres first class, £750.
FARMALL
B.M. Starter, Lights, P.T.O., Hydraulic pump, £495.
ALL THE ABOVE TRACTORS
CARRY OUR "SAFE BUY" WARRANTY.
Trial without obligation on own farm. GLUYAS MOTORS, LTD., Authorised Ford Dealers, Ashburton.
After hours: D. Stevens, 71136.
LIVESTOCK, DOGS, ETC.
ALL Unwanted Horses and Cattle bought. Hingeline Pelt. 19 Horseshoe Lake road, Phone 58-111.
ANY Unwanted Horses bought
any time, any condition. Phone 70-062, 19 Horseshoe Lake road.
GOLDEN COCKER
Spaniel Pups, 8 weeks, £8 8s. Phone 40-227.
HANDY
Retriever Bitch, 3 years, good with stock. Phone 5-017.
JERSEY Cows
in calf, for sale. Phone 42-221.
SPRINGERS
Collie pups, Good price. Phone 79-206.
PHOTOGRAPHY
COUNTRY Clients: Bring your Children to our Studio for fast service. Coupe Studio, 135 Cashel street, Phone 50-168.
CANON
Sheffield Camera, lens 1/100 sec., with leather case, £30. Phone 33-104.
FINANCIAL
ADVANCES made on Motor Vehicles. Telephone 50-121.
D.T.C.
FINANCE
WANTED to Borrow, £2000 on Freehold Farm within 10 miles of Christchurch City. First mortgage. Apply OWNER, PRESS.
Printed and Published by the Christchurch Press Company, Ltd., at the registered office of the Company, Cathedral square, Christchurch.
